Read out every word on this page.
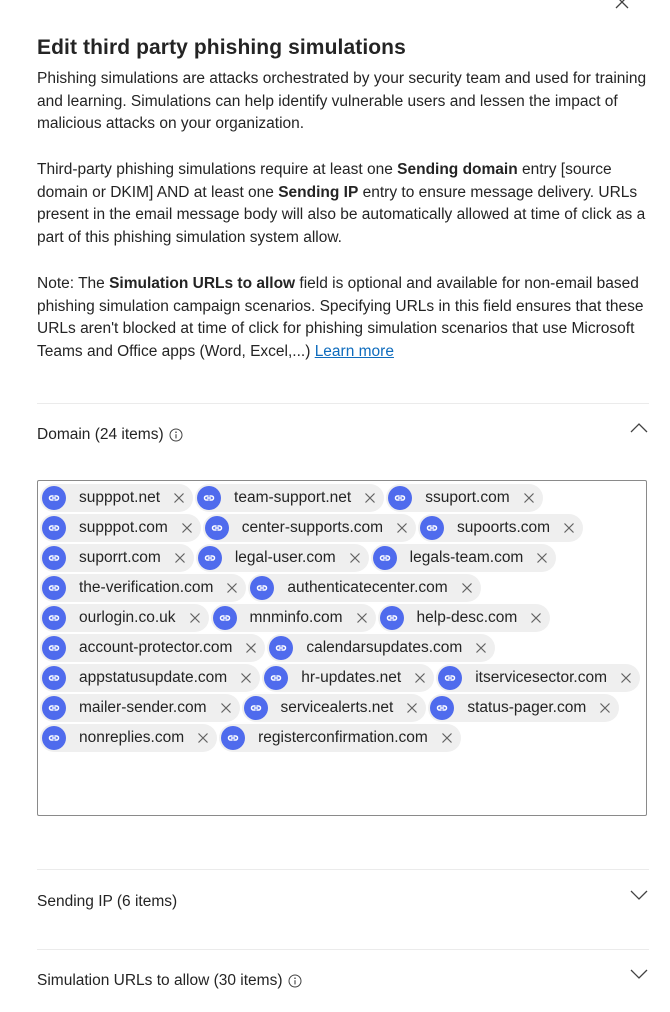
Edit third party phishing simulations

Phishing simulations are attacks orchestrated by your security team and used for training and learning. Simulations can help identify vulnerable users and lessen the impact of malicious attacks on your organization.

Third-party phishing simulations require at least one Sending domain entry [source domain or DKIM] AND at least one Sending IP entry to ensure message delivery. URLs present in the email message body will also be automatically allowed at time of click as a part of this phishing simulation system allow.

Note: The Simulation URLs to allow field is optional and available for non-email based phishing simulation campaign scenarios. Specifying URLs in this field ensures that these URLs aren't blocked at time of click for phishing simulation scenarios that use Microsoft Teams and Office apps (Word, Excel,...) Learn more

Domain (24 items)
supppot.net	team-support.net	ssuport.com
supppot.com	center-supports.com	supoorts.com
suporrt.com	legal-user.com	legals-team.com
the-verification.com	authenticatecenter.com
ourlogin.co.uk	mnminfo.com	help-desc.com
account-protector.com	calendarsupdates.com
appstatusupdate.com	hr-updates.net	itservicesector.com
mailer-sender.com	servicealerts.net	status-pager.com
nonreplies.com	registerconfirmation.com
Sending IP (6 items)
Simulation URLs to allow (30 items)
